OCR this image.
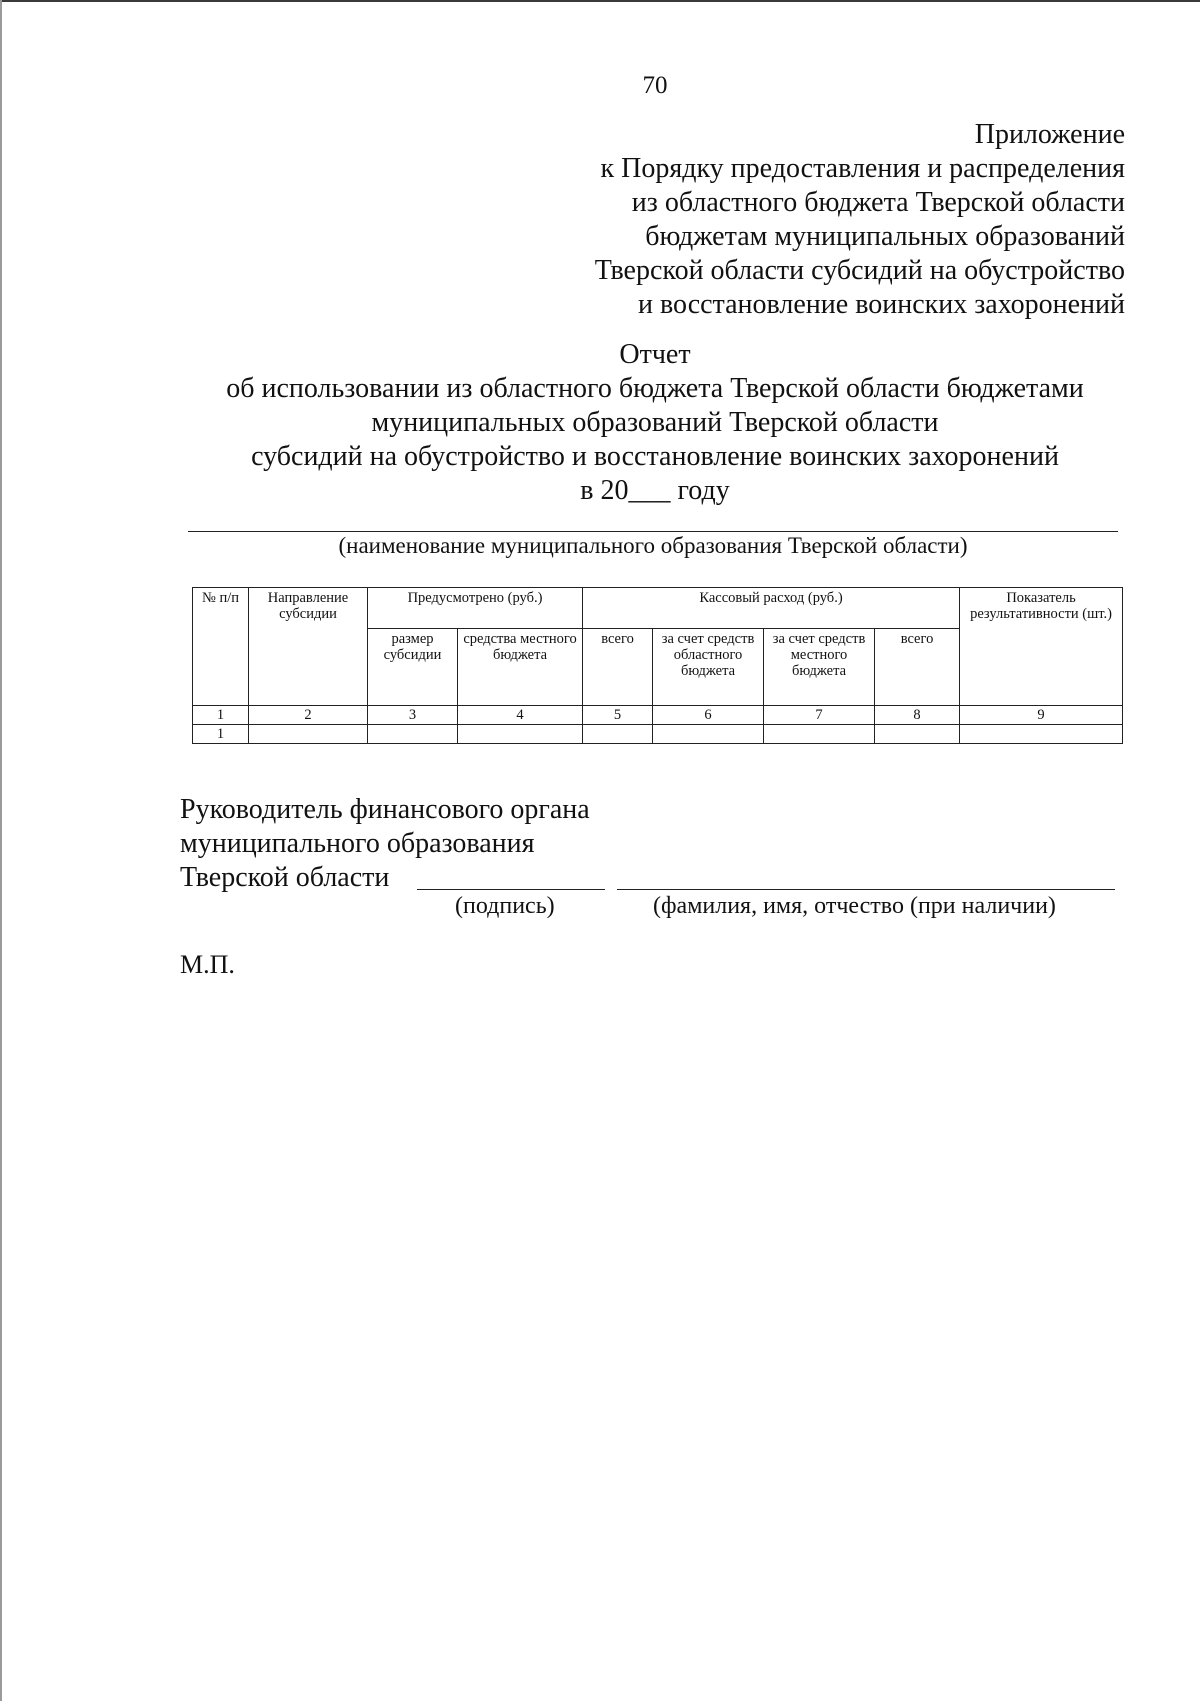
70
Приложение
к Порядку предоставления и распределения
из областного бюджета Тверской области
бюджетам муниципальных образований
Тверской области субсидий на обустройство
и восстановление воинских захоронений
Отчет
об использовании из областного бюджета Тверской области бюджетами
муниципальных образований Тверской области
субсидий на обустройство и восстановление воинских захоронений
в 20___ году
(наименование муниципального образования Тверской области)
№ п/п	Направление субсидии	Предусмотрено (руб.)		Кассовый расход (руб.)				Показатель результативности (шт.)
		размер субсидии	средства местного бюджета	всего	за счет средств областного бюджета	за счет средств местного бюджета	всего	
1	2	3	4	5	6	7	8	9
1								
Руководитель финансового органа
муниципального образования
Тверской области
(подпись)	(фамилия, имя, отчество (при наличии)
М.П.
